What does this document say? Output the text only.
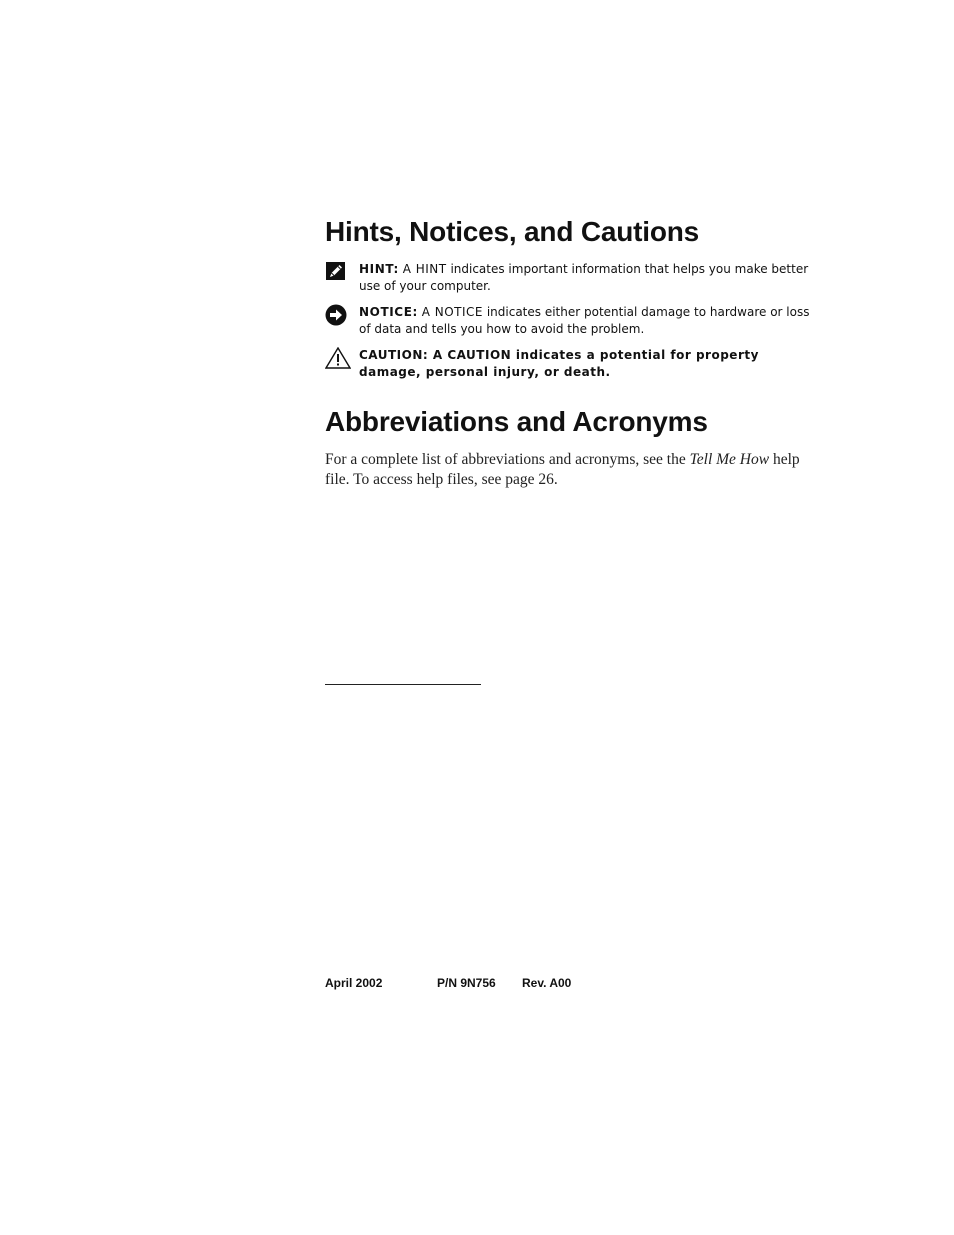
Hints, Notices, and Cautions
HINT: A HINT indicates important information that helps you make better use of your computer.
NOTICE: A NOTICE indicates either potential damage to hardware or loss of data and tells you how to avoid the problem.
CAUTION: A CAUTION indicates a potential for property damage, personal injury, or death.
Abbreviations and Acronyms

For a complete list of abbreviations and acronyms, see the Tell Me How help file. To access help files, see page 26.

April 2002	P/N 9N756 Rev. A00
